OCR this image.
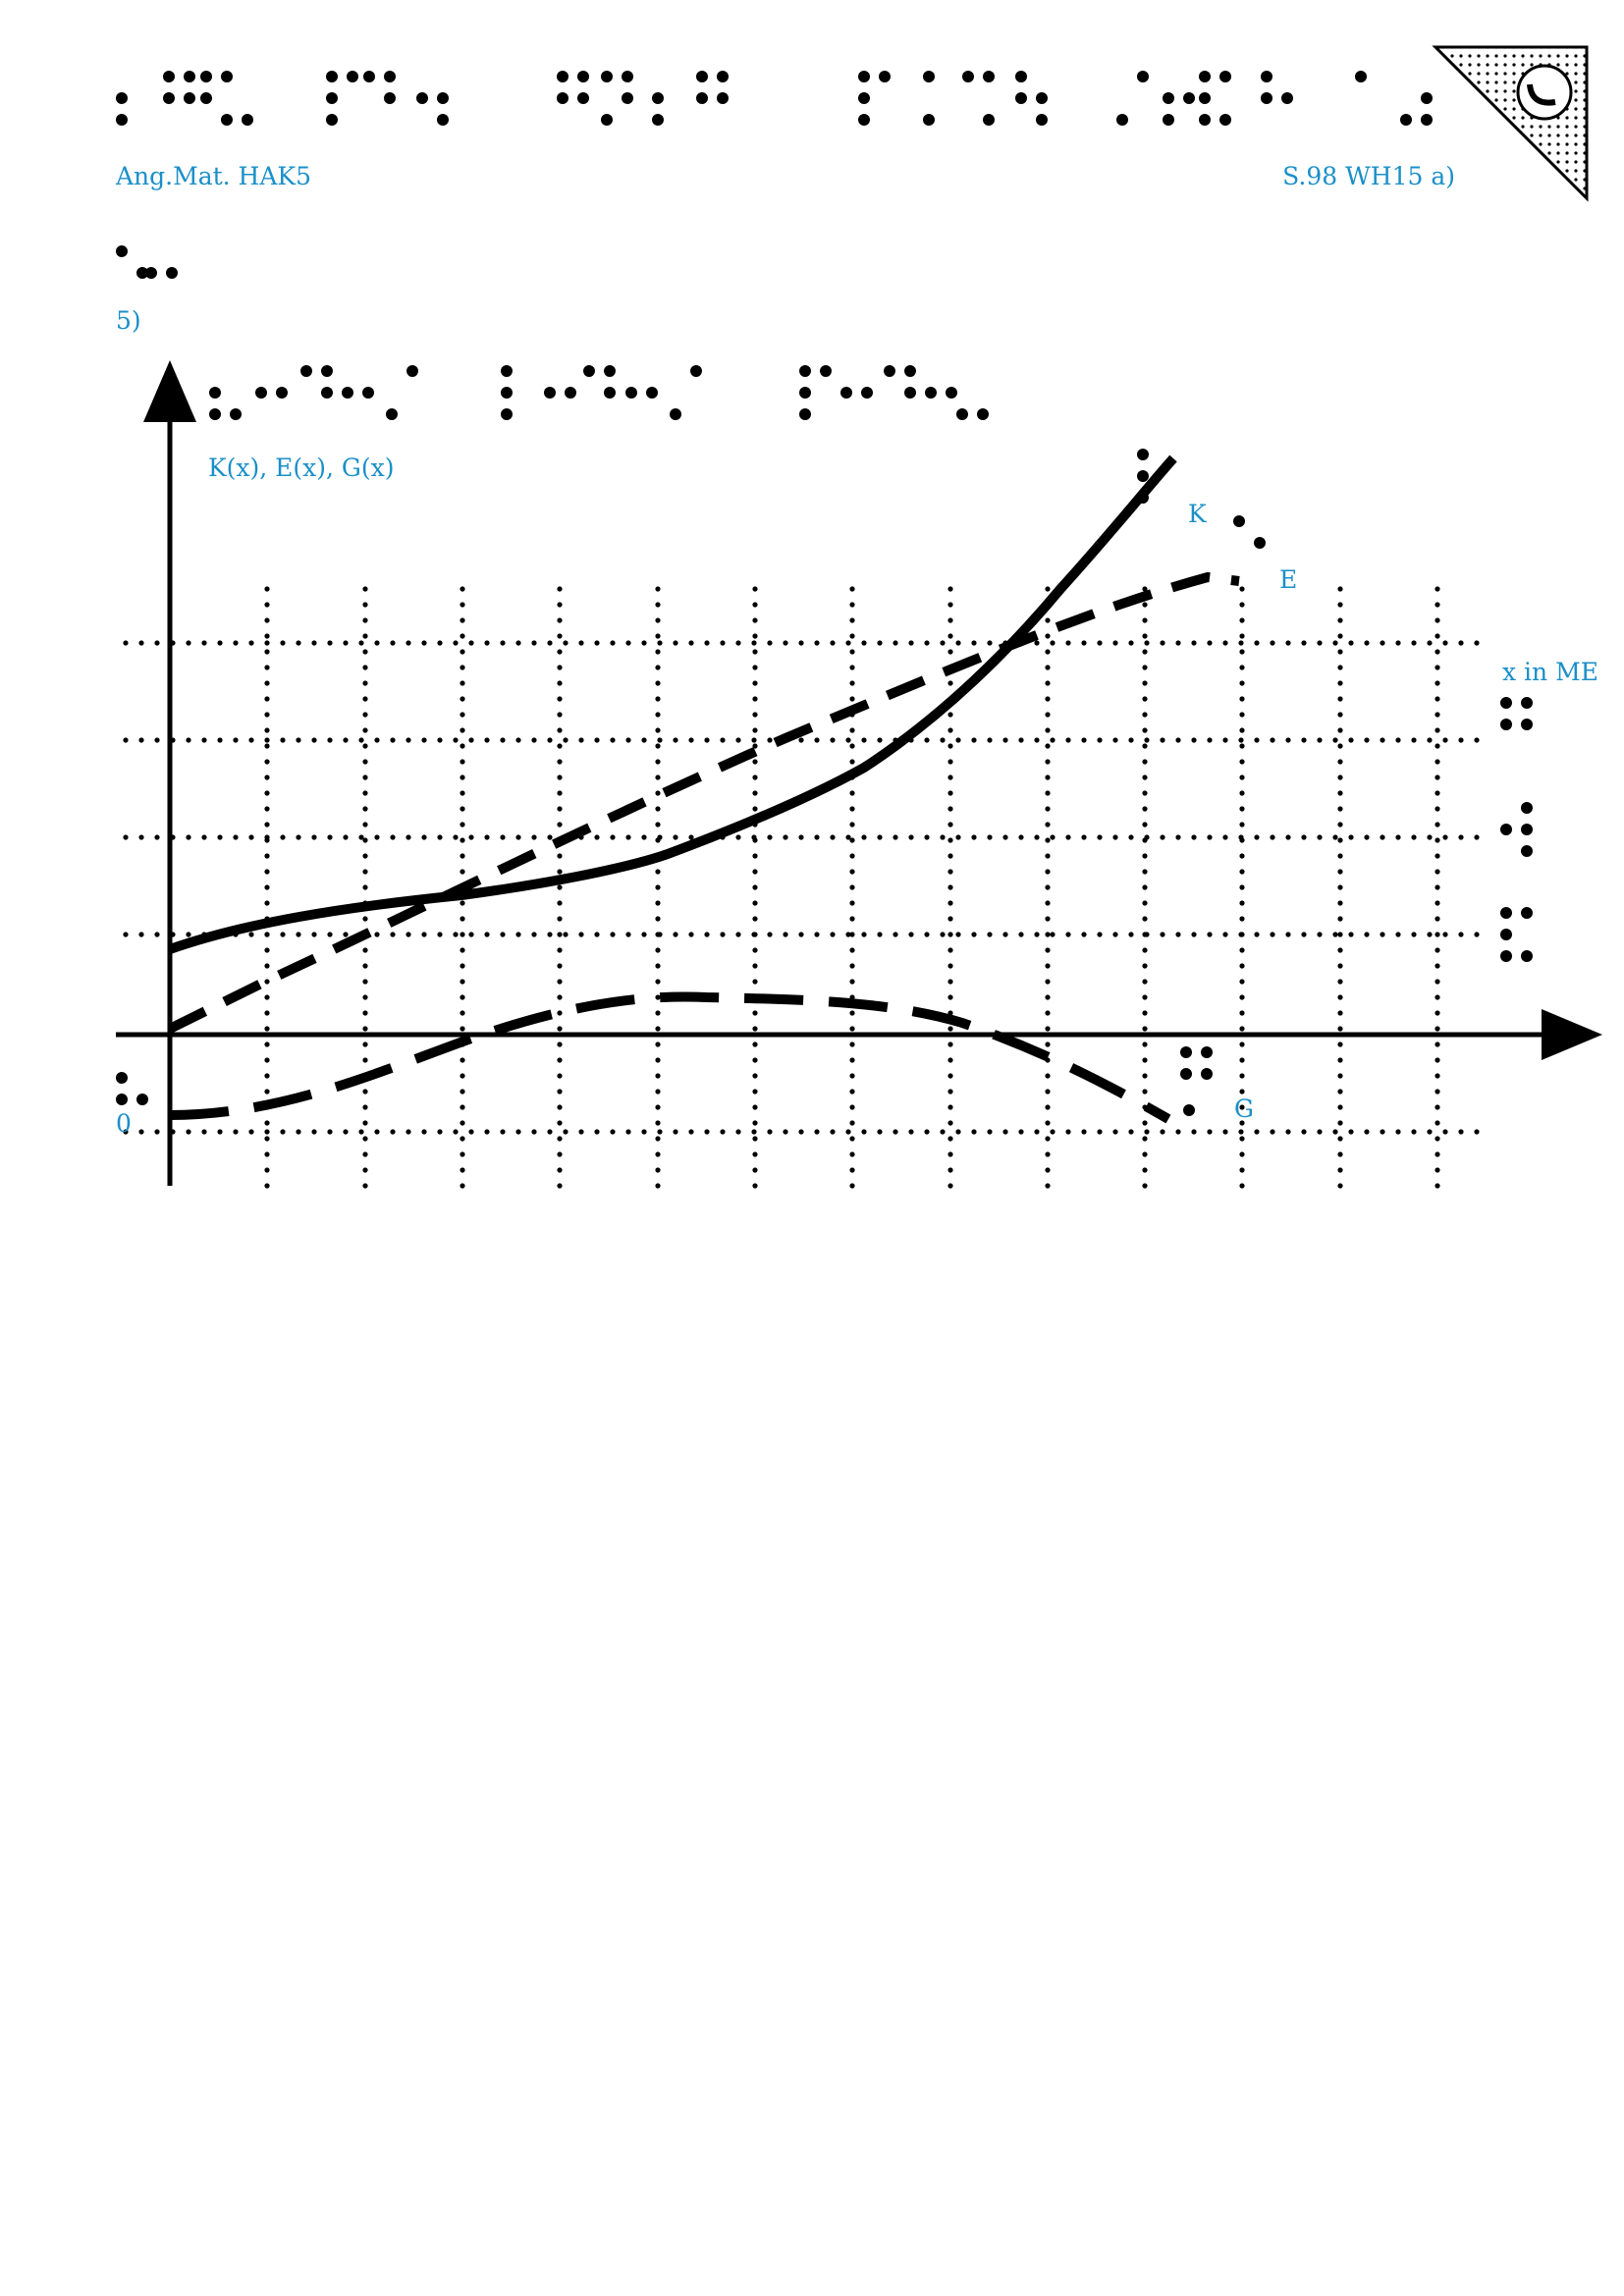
Ang.Mat. HAK5	S.98 WH15 a)
5)
K(x), E(x), G(x)
x in ME
0
K
E
G
